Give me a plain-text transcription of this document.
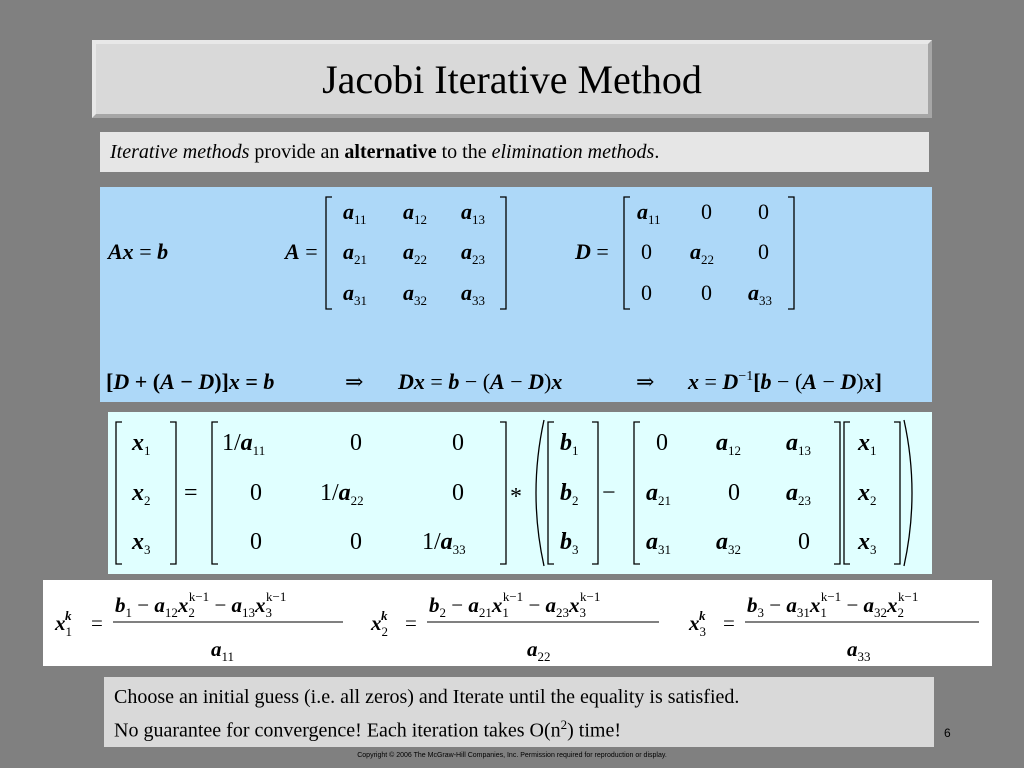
Jacobi Iterative Method
Iterative methods provide an alternative to the elimination methods.
Ax = b	A =
$a_{11}$ $a_{12}$ $a_{13}$
$a_{21}$ $a_{22}$ $a_{23}$
$a_{31}$ $a_{32}$ $a_{33}$
D =
$a_{11}$ 0 0
0 $a_{22}$ 0
0 0 $a_{33}$
[D + (A − D)]x = b	⇒ Dx = b − (A − D)x	⇒ $x = D^{-1}[b - (A - D)x]$
$x_1$
$x_2$
$x_3$
=
$1/a_{11}$	0	0
0 $1/a_{22}$	0
0	0	$1/a_{33}$
*
$b_1$
$b_2$
$b_3$
−
0 $a_{12}$ $a_{13}$
$a_{21}$ 0 $a_{23}$
$a_{31}$ $a_{32}$ 0
$x_1$
$x_2$
$x_3$
$x_1k$ =
$b_1 - a_{12}x_2k-1 - a_{13}x_3k-1$
$a_{11}$
$x_2k$ =
$b_2 - a_{21}x_1k-1 - a_{23}x_3k-1$
$a_{22}$
$x_3k$ =
$b_3 - a_{31}x_1k-1 - a_{32}x_2k-1$
$a_{33}$
Choose an initial guess (i.e. all zeros) and Iterate until the equality is satisfied.
No guarantee for convergence! Each iteration takes $O(n^2)$ time!	6
Copyright © 2006 The McGraw-Hill Companies, Inc. Permission required for reproduction or display.
